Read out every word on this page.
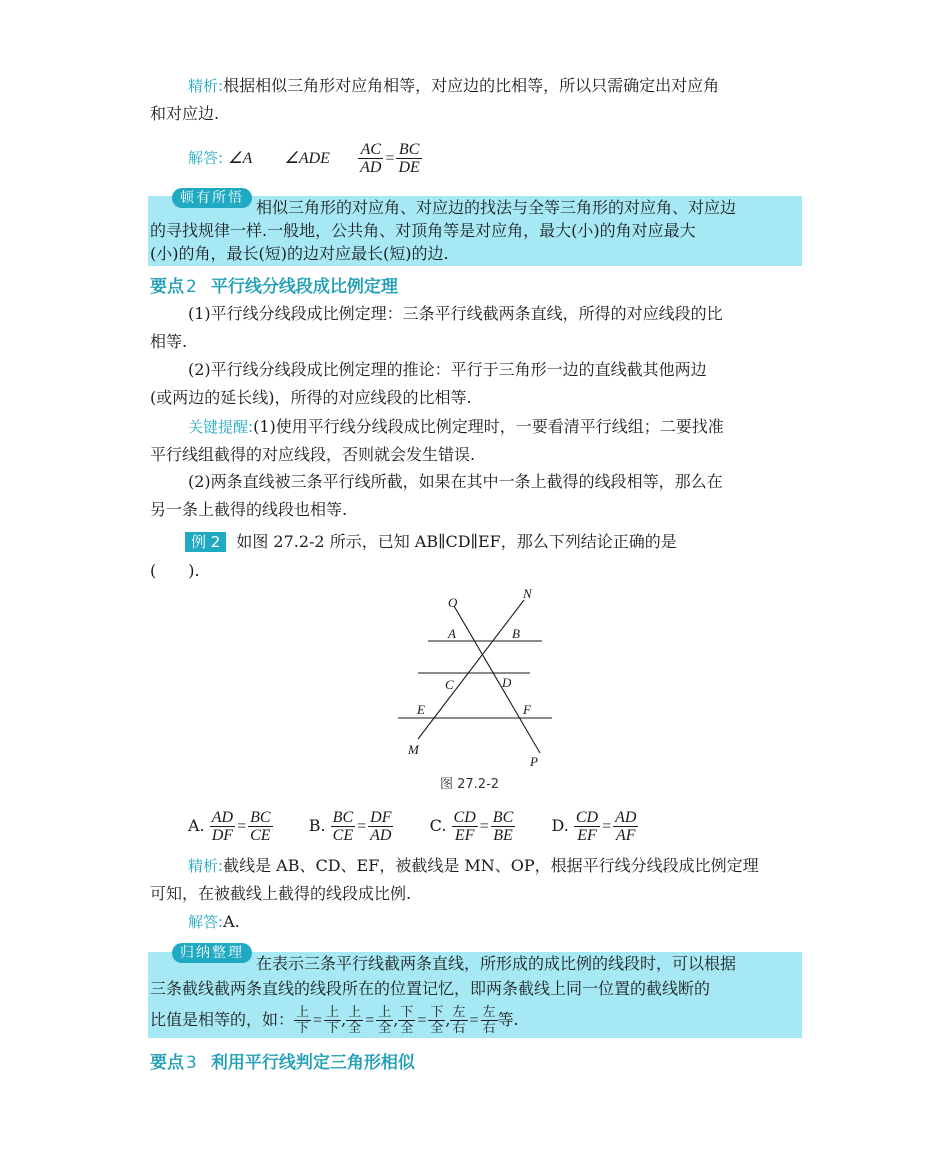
精析:根据相似三角形对应角相等，对应边的比相等，所以只需确定出对应角
和对应边.
解答: ∠A ∠ADE $\frac{AC}{AD} = \frac{BC}{DE}$
顿有所悟 相似三角形的对应角、对应边的找法与全等三角形的对应角、对应边
的寻找规律一样.一般地，公共角、对顶角等是对应角，最大(小)的角对应最大
(小)的角，最长(短)的边对应最长(短)的边.
要点 2 平行线分线段成比例定理
(1)平行线分线段成比例定理：三条平行线截两条直线，所得的对应线段的比
相等.
(2)平行线分线段成比例定理的推论：平行于三角形一边的直线截其他两边
(或两边的延长线)，所得的对应线段的比相等.
关键提醒:(1)使用平行线分线段成比例定理时，一要看清平行线组；二要找准
平行线组截得的对应线段，否则就会发生错误.
(2)两条直线被三条平行线所截，如果在其中一条上截得的线段相等，那么在
另一条上截得的线段也相等.
例 2 如图 27.2-2 所示，已知 AB∥CD∥EF，那么下列结论正确的是
(　　).
O
N
A	B
C	D
E	F
M
P
图 27.2-2
A. $\frac{AD}{DF} = \frac{BC}{CE} B$. $\frac{BC}{CE} = \frac{DF}{AD} C$. $\frac{CD}{EF} = \frac{BC}{BE} D$. $\frac{CD}{EF} = \frac{AD}{AF}$
精析:截线是 AB、CD、EF，被截线是 MN、OP，根据平行线分线段成比例定理
可知，在被截线上截得的线段成比例.
解答:A.
归纳整理
在表示三条平行线截两条直线，所形成的成比例的线段时，可以根据
三条截线截两条直线的线段所在的位置记忆，即两条截线上同一位置的截线断的
比值是相等的，如： $\frac{\text{上}}{\text{下}} = \frac{\text{上}}{\text{下}}$ , $\frac{\text{上}}{\text{全}} = \frac{\text{上}}{\text{全}}$ , $\frac{\text{下}}{\text{全}} = \frac{\text{下}}{\text{全}}$ , $\frac{\text{左}}{\text{右}} = \frac{\text{左}}{\text{右}}$ 等.
要点 3 利用平行线判定三角形相似
